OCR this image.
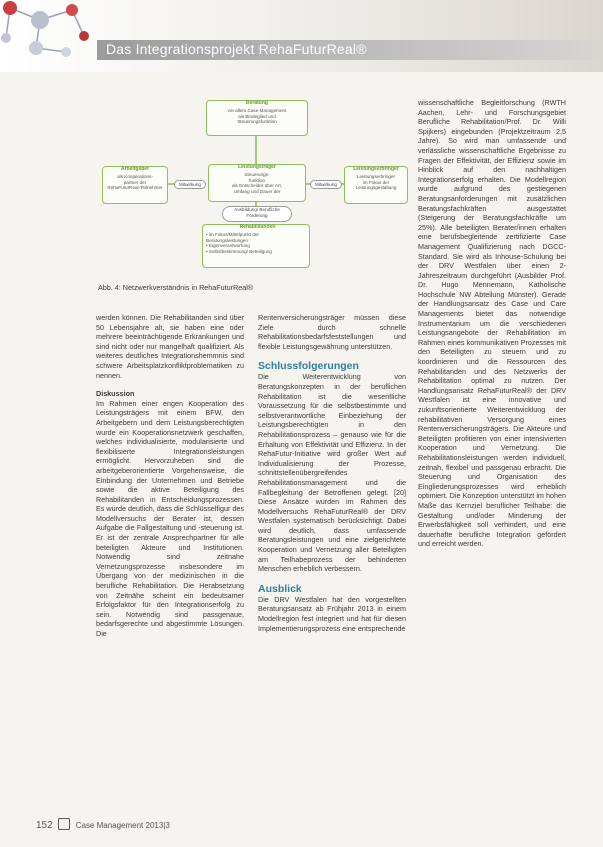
Das Integrationsprojekt RehaFuturReal®
Beratung
vor allem Case Management
als Bindeglied und
Steuerungsfunktion
Arbeitgeber
als Kooperations-
partner der
RehaFuturReal-Teilnehmer
Mitwirkung
Leistungsträger
Steuerungs-
funktion
als Entscheider über Art,
Umfang und Dauer der
Mitwirkung
Leistungserbringer
Leistungserbringer
im Fokus der
Leistungsgestaltung
Ausbildung/ Berufliche Förderung
Rehabilitanden
• im Fokus/Mittelpunkt der
Beratungsleistungen
• Eigenverantwortung
• Selbstbestimmung/ Beteiligung
Abb. 4: Netzwerkverständnis in RehaFuturReal®

werden können. Die Rehabilitanden sind über 50 Lebensjahre alt, sie haben eine oder mehrere beeinträchtigende Erkrankungen und sind nicht oder nur mangelhaft qualifiziert. Als weiteres deutliches Integrationshemmnis sind schwere Arbeitsplatzkonfliktproblematiken zu nennen.

Diskussion

Im Rahmen einer engen Kooperation des Leistungsträgers mit einem BFW, den Arbeitgebern und dem Leistungsberechtigten wurde ein Kooperationsnetzwerk geschaffen, welches individualisierte, modularisierte und flexibilisierte Integrationsleistungen ermöglicht. Hervorzuheben sind die arbeitgeberorientierte Vorgehensweise, die Einbindung der Unternehmen und Betriebe sowie die aktive Beteiligung des Rehabilitanden in Entscheidungsprozessen. Es wurde deutlich, dass die Schlüsselfigur des Modellversuchs der Berater ist, dessen Aufgabe die Fallgestaltung und -steuerung ist. Er ist der zentrale Ansprechpartner für alle beteiligten Akteure und Institutionen. Notwendig sind zeitnahe Vernetzungsprozesse insbesondere im Übergang von der medizinischen in die berufliche Rehabilitation. Die Herabsetzung von Zeitnähe scheint ein bedeutsamer Erfolgsfaktor für den Integrationserfolg zu sein. Notwendig sind passgenaue, bedarfsgerechte und abgestimmte Lösungen. Die

Rentenversicherungsträger müssen diese Ziele durch schnelle Rehabilitationsbedarfsfeststellungen und flexible Leistungsgewährung unterstützen.

Schlussfolgerungen

Die Weiterentwicklung von Beratungskonzepten in der beruflichen Rehabilitation ist die wesentliche Voraussetzung für die selbstbestimmte und selbstverantwortliche Einbeziehung der Leistungsberechtigten in den Rehabilitationsprozess – genauso wie für die Erhaltung von Effektivität und Effizienz. In der RehaFutur-Initiative wird großer Wert auf Individualisierung der Prozesse, schnittstellenübergreifendes Rehabilitationsmanagement und die Fallbegleitung der Betroffenen gelegt. [20] Diese Ansätze wurden im Rahmen des Modellversuchs RehaFuturReal® der DRV Westfalen systematisch berücksichtigt. Dabei wird deutlich, dass umfassende Beratungsleistungen und eine zielgerichtete Kooperation und Vernetzung aller Beteiligten am Teilhabeprozess der behinderten Menschen erheblich verbessern.

Ausblick

Die DRV Westfalen hat den vorgestellten Beratungsansatz ab Frühjahr 2013 in einem Modellregion fest integriert und hat für diesen Implementierungsprozess eine entsprechende

wissenschaftliche Begleitforschung (RWTH Aachen, Lehr- und Forschungsgebiet Berufliche Rehabilitation/Prof. Dr. Willi Spijkers) eingebunden (Projektzeitraum 2,5 Jahre). So wird man umfassende und verlässliche wissenschaftliche Ergebnisse zu Fragen der Effektivität, der Effizienz sowie im Hinblick auf den nachhaltigen Integrationserfolg erhalten. Die Modellregion wurde aufgrund des gestiegenen Beratungsanforderungen mit zusätzlichen Beratungsfachkräften ausgestattet (Steigerung der Beratungsfachkräfte um 25%). Alle beteiligten Berater/innen erhalten eine berufsbegleitende zertifizierte Case Management Qualifizierung nach DGCC-Standard. Sie wird als Inhouse-Schulung bei der DRV Westfalen über einen 2-Jahreszeitraum durchgeführt (Ausbilder Prof. Dr. Hugo Mennemann, Katholische Hochschule NW Abteilung Münster). Gerade der Handlungsansatz des Case und Care Managements bietet das notwendige Instrumentarium um die verschiedenen Leistungsangebote der Rehabilitation im Rahmen eines kommunikativen Prozesses mit den Beteiligten zu steuern und zu koordinieren und die Ressourcen des Rehabilitanden und des Netzwerks der Rehabilitation optimal zu nutzen. Der Handlungsansatz RehaFuturReal® der DRV Westfalen ist eine innovative und zukunftsorientierte Weiterentwicklung der rehabilitativen Versorgung eines Rentenversicherungsträgers. Die Akteure und Beteiligten profitieren von einer intensivierten Kooperation und Vernetzung. Die Rehabilitationsleistungen werden individuell, zeitnah, flexibel und passgenau erbracht. Die Steuerung und Organisation des Eingliederungsprozesses wird erheblich optimiert. Die Konzeption unterstützt im hohen Maße das Kernziel beruflicher Teilhabe: die Gestaltung und/oder Minderung der Erwerbsfähigkeit soll verhindert, und eine dauerhafte berufliche Integration gefördert und erreicht werden.

152	Case Management 2013|3
